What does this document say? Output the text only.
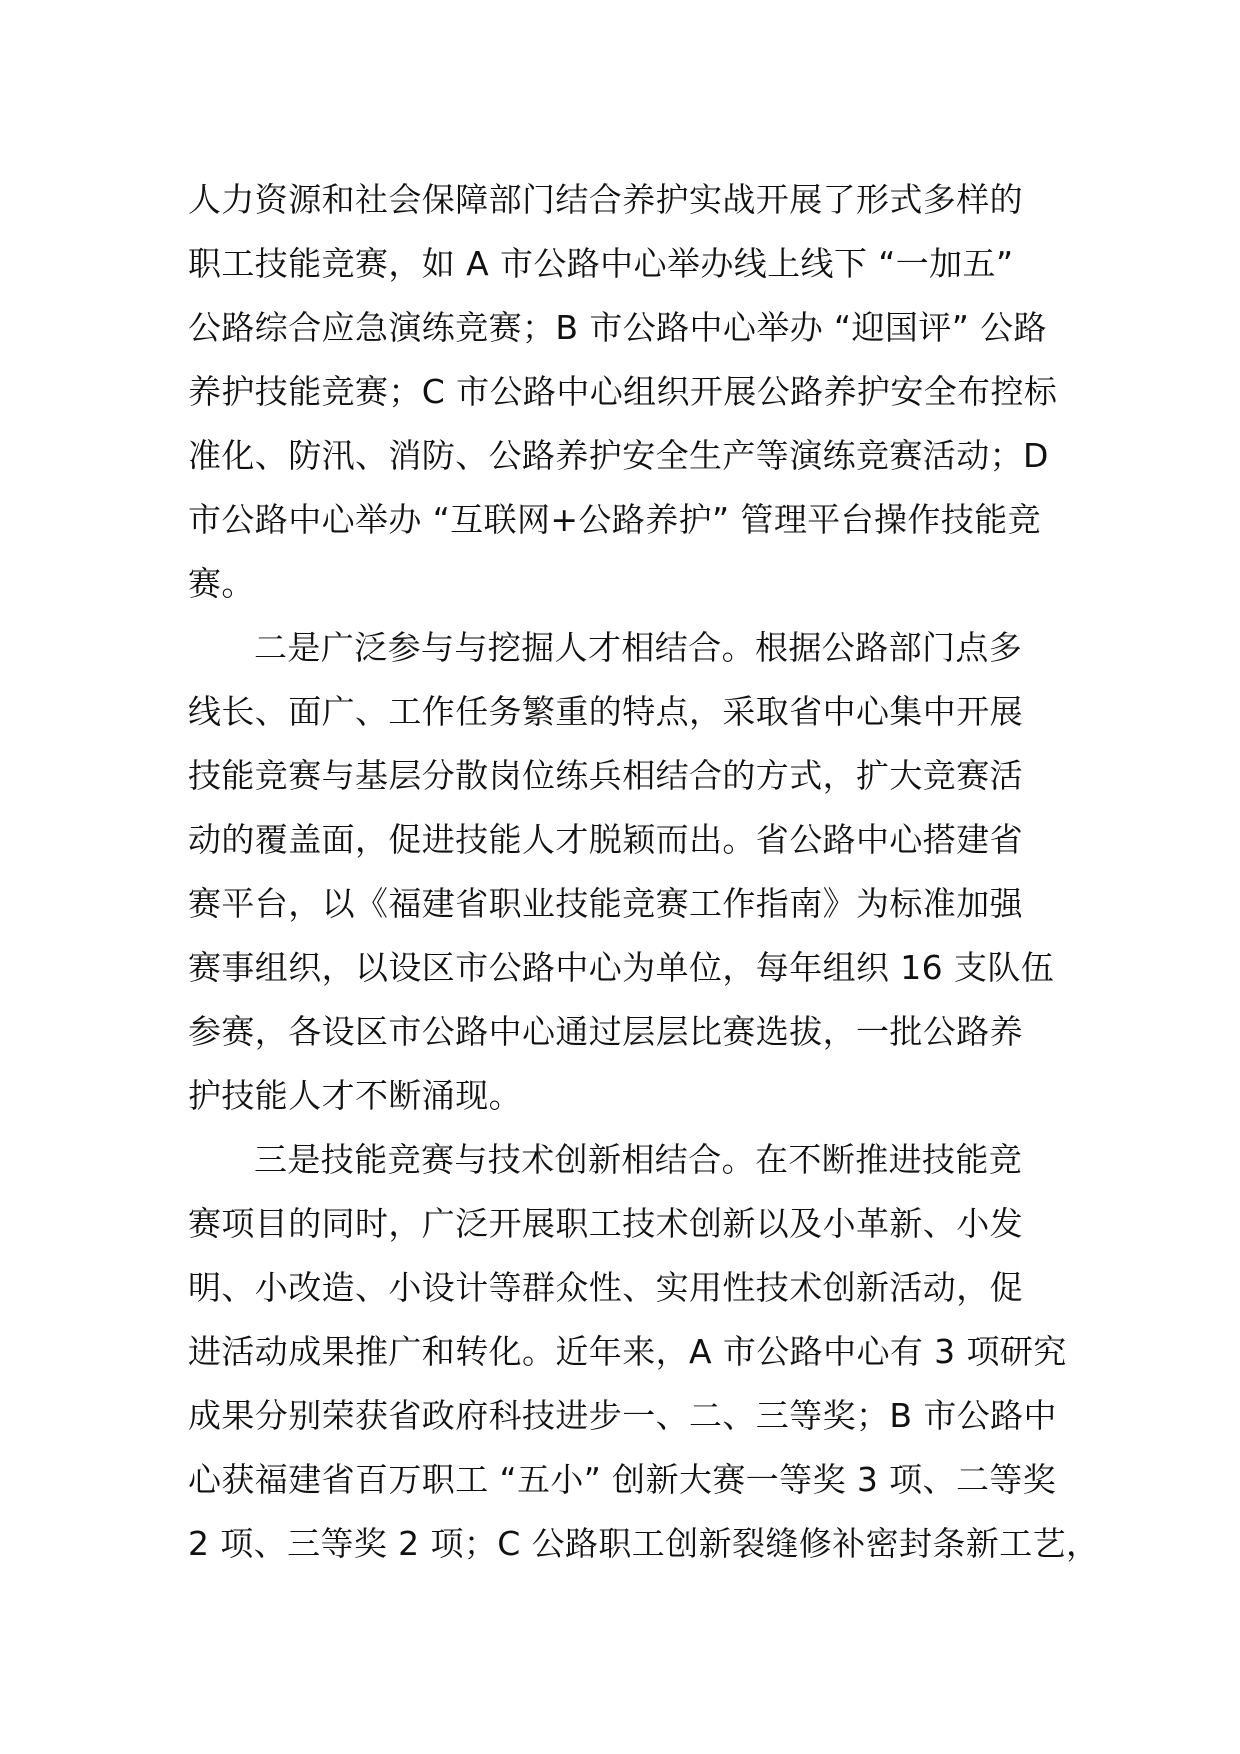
人力资源和社会保障部门结合养护实战开展了形式多样的
职工技能竞赛，如 A 市公路中心举办线上线下 “一加五”
公路综合应急演练竞赛；B 市公路中心举办 “迎国评” 公路
养护技能竞赛；C 市公路中心组织开展公路养护安全布控标
准化、防汛、消防、公路养护安全生产等演练竞赛活动；D
市公路中心举办 “互联网+公路养护” 管理平台操作技能竞
赛。
二是广泛参与与挖掘人才相结合。根据公路部门点多
线长、面广、工作任务繁重的特点，采取省中心集中开展
技能竞赛与基层分散岗位练兵相结合的方式，扩大竞赛活
动的覆盖面，促进技能人才脱颖而出。省公路中心搭建省
赛平台，以《福建省职业技能竞赛工作指南》为标准加强
赛事组织，以设区市公路中心为单位，每年组织 16 支队伍
参赛，各设区市公路中心通过层层比赛选拔，一批公路养
护技能人才不断涌现。
三是技能竞赛与技术创新相结合。在不断推进技能竞
赛项目的同时，广泛开展职工技术创新以及小革新、小发
明、小改造、小设计等群众性、实用性技术创新活动，促
进活动成果推广和转化。近年来，A 市公路中心有 3 项研究
成果分别荣获省政府科技进步一、二、三等奖；B 市公路中
心获福建省百万职工 “五小” 创新大赛一等奖 3 项、二等奖
2 项、三等奖 2 项；C 公路职工创新裂缝修补密封条新工艺，
